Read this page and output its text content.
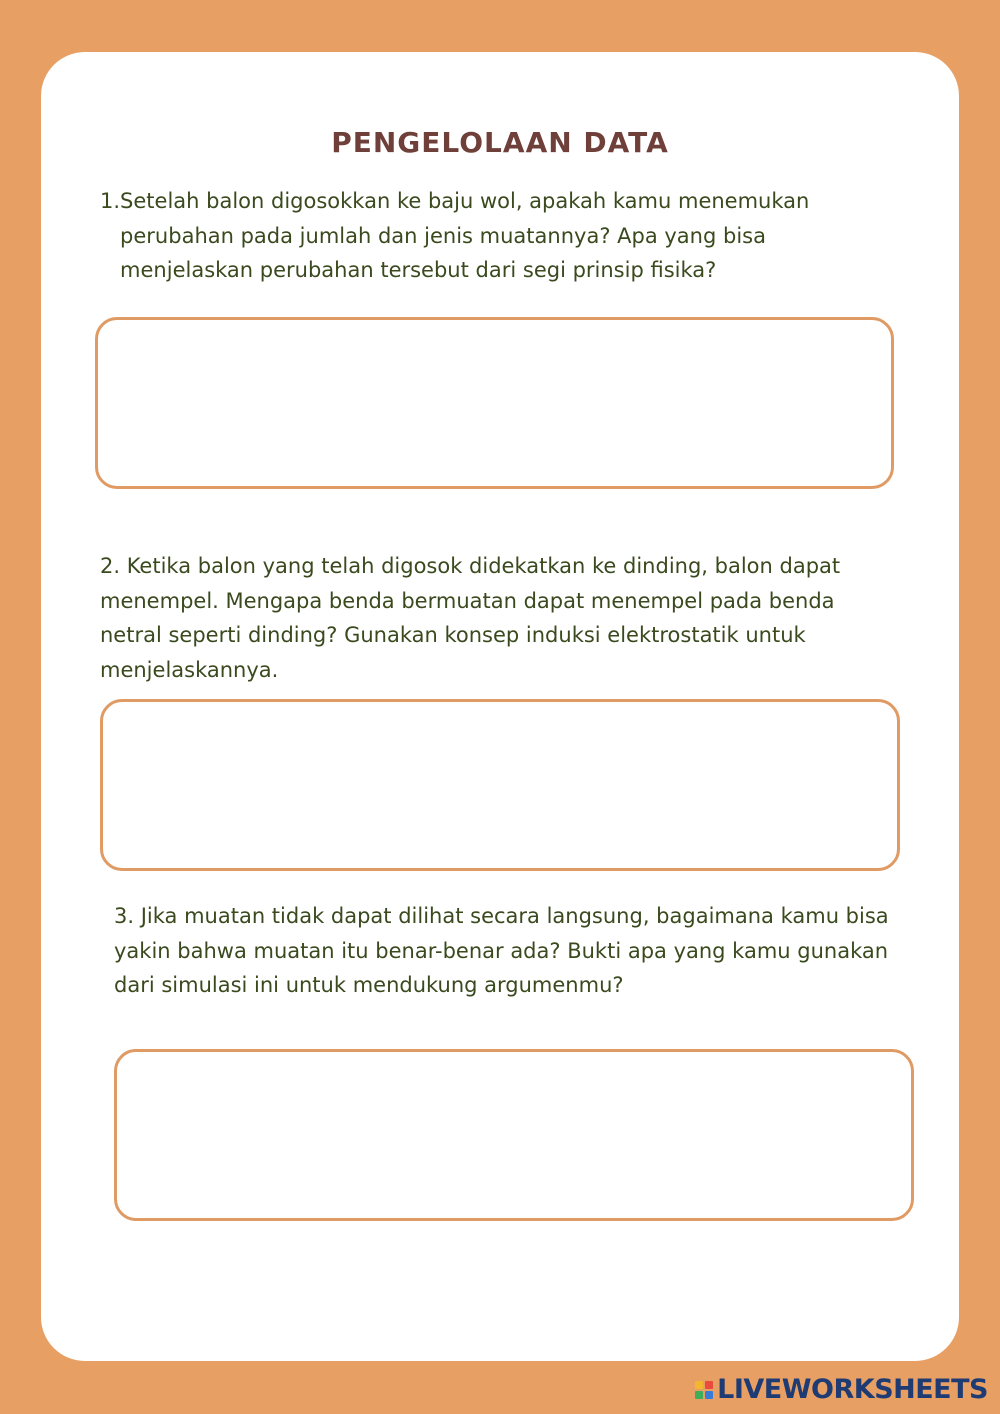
PENGELOLAAN DATA
1. Setelah balon digosokkan ke baju wol, apakah kamu menemukan perubahan pada jumlah dan jenis muatannya? Apa yang bisa menjelaskan perubahan tersebut dari segi prinsip fisika?
2. Ketika balon yang telah digosok didekatkan ke dinding, balon dapat menempel. Mengapa benda bermuatan dapat menempel pada benda netral seperti dinding? Gunakan konsep induksi elektrostatik untuk menjelaskannya.
3. Jika muatan tidak dapat dilihat secara langsung, bagaimana kamu bisa yakin bahwa muatan itu benar-benar ada? Bukti apa yang kamu gunakan dari simulasi ini untuk mendukung argumenmu?
LIVEWORKSHEETS
